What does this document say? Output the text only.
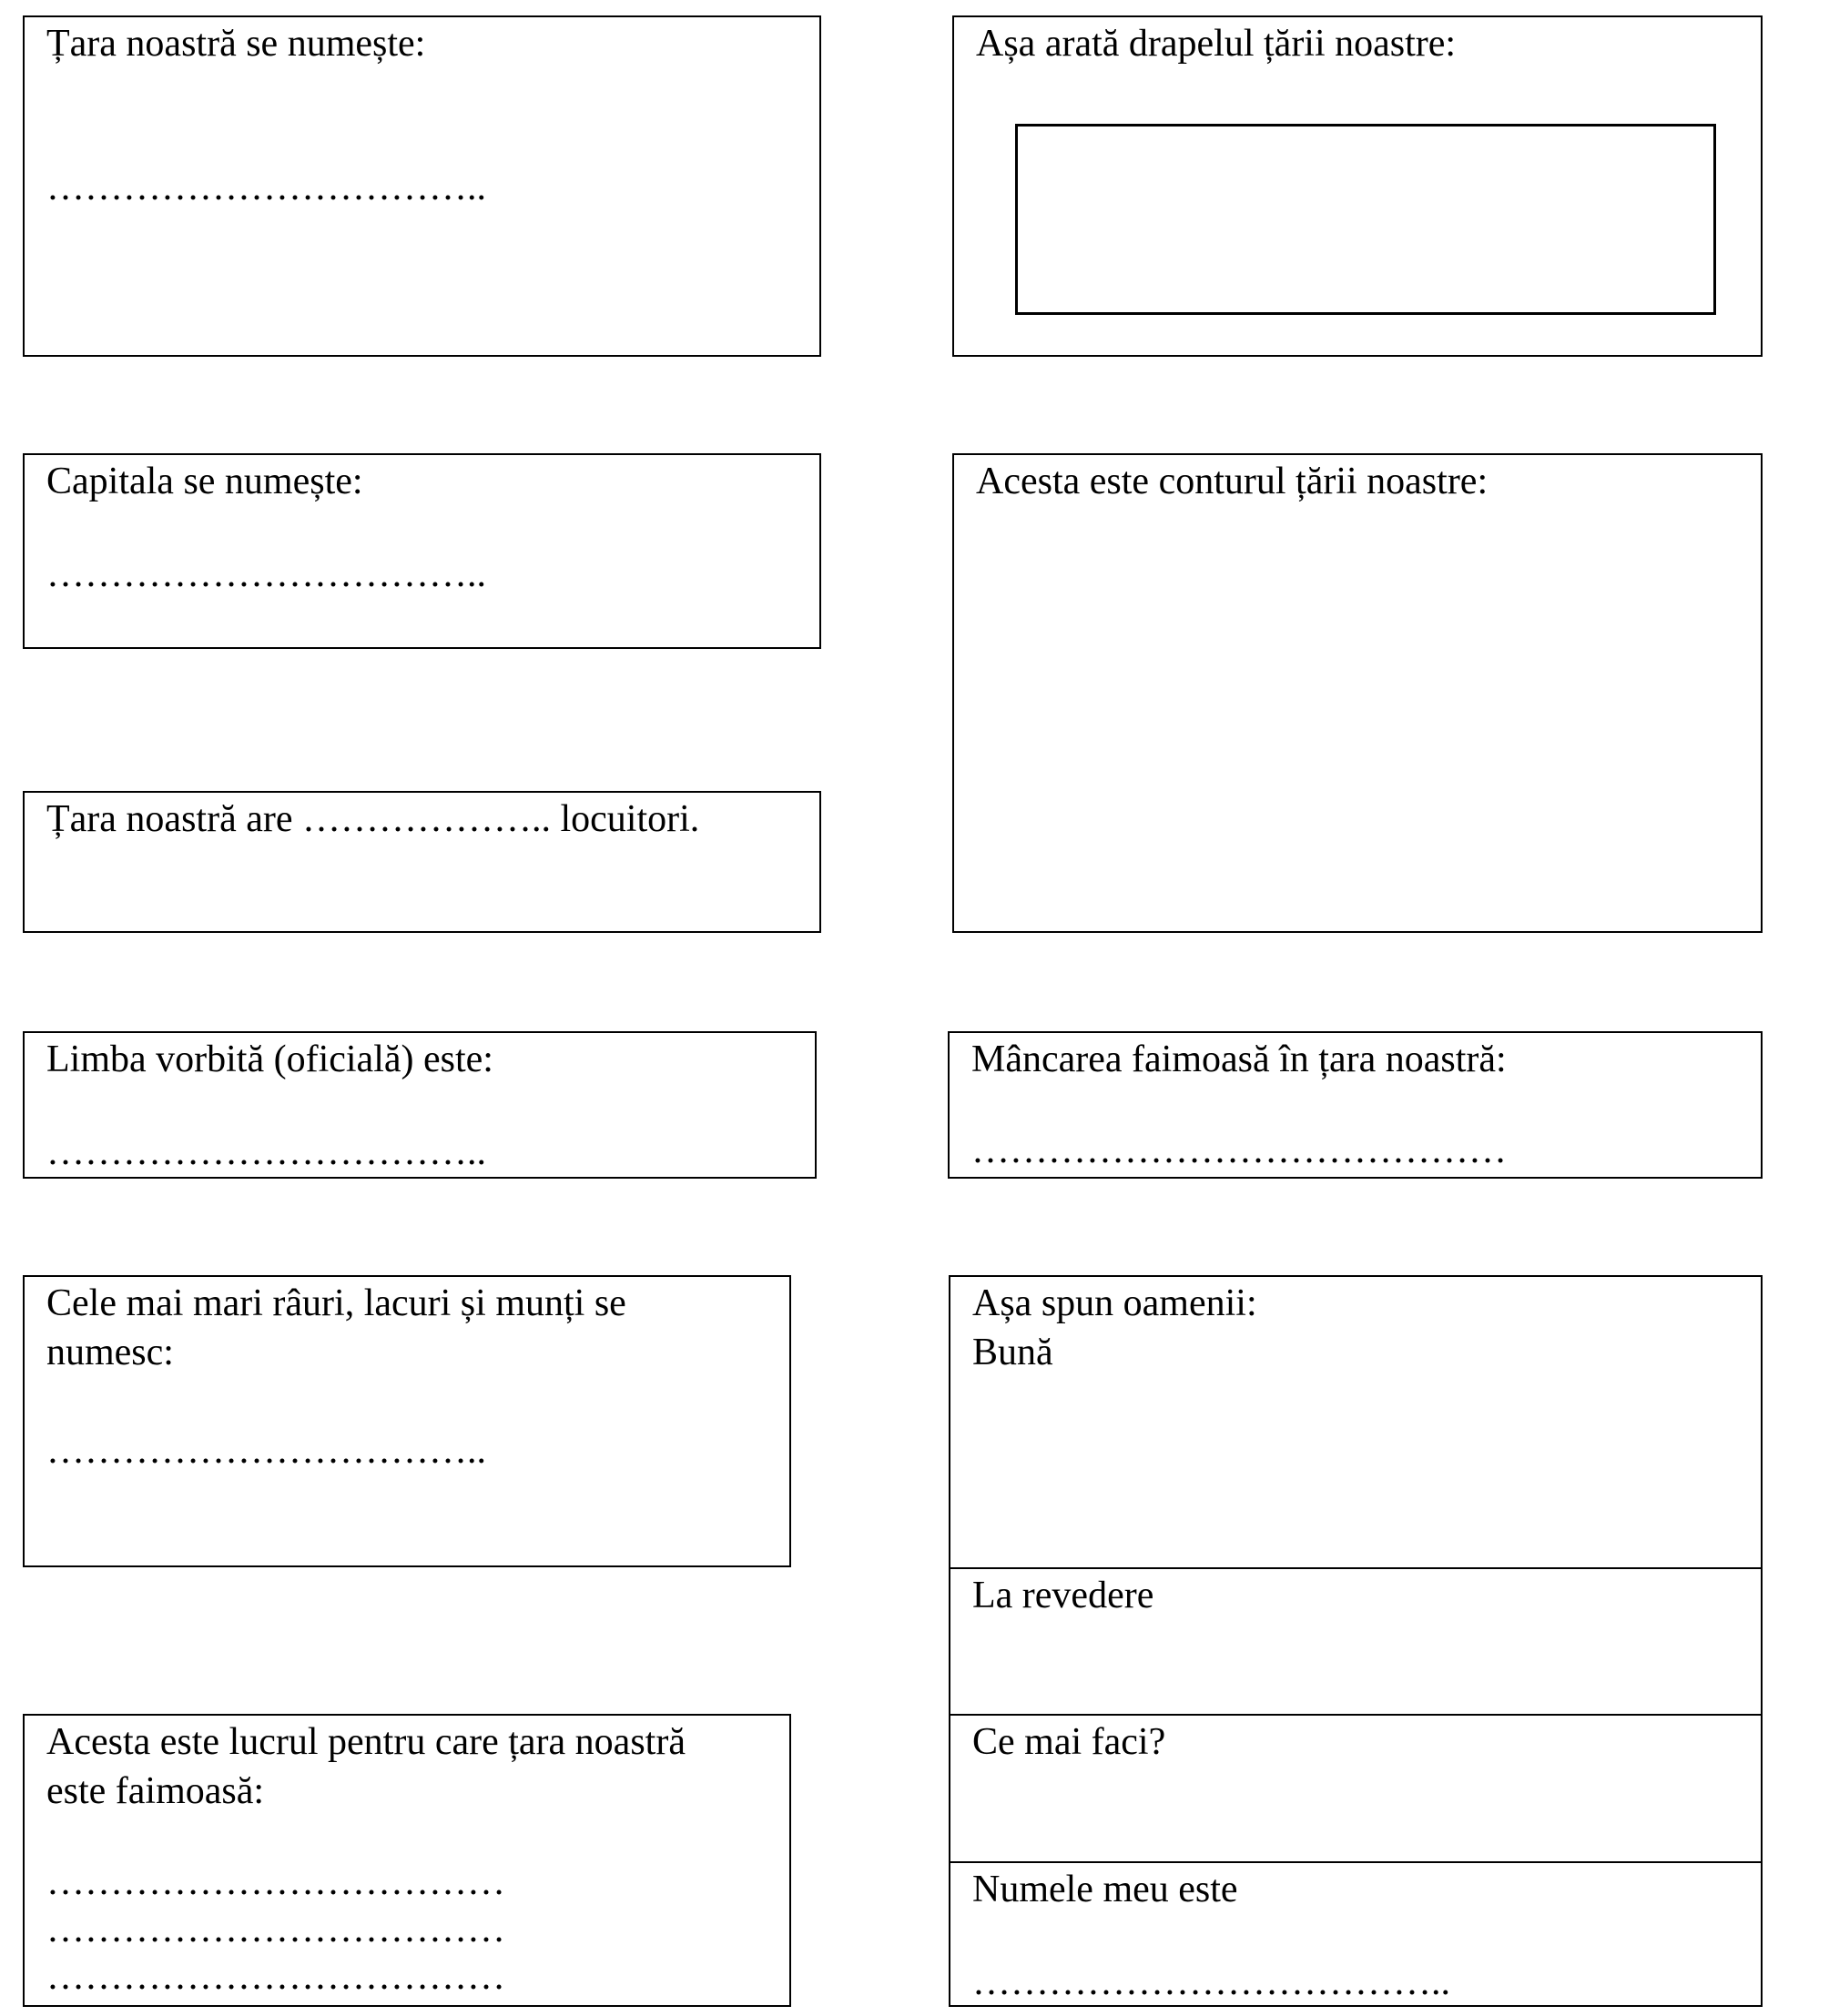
Țara noastră se numește:
……………………………..
Așa arată drapelul țării noastre:
Capitala se numește:
……………………………..
Acesta este conturul țării noastre:
Țara noastră are ……………….. locuitori.
Limba vorbită (oficială) este:
……………………………..
Mâncarea faimoasă în țara noastră:
……………………………………
Cele mai mari râuri, lacuri și munți se
numesc:
……………………………..
Acesta este lucrul pentru care țara noastră
este faimoasă:
………………………………
………………………………
………………………………
Așa spun oamenii:
Bună
La revedere
Ce mai faci?
Numele meu este
………………………………..
